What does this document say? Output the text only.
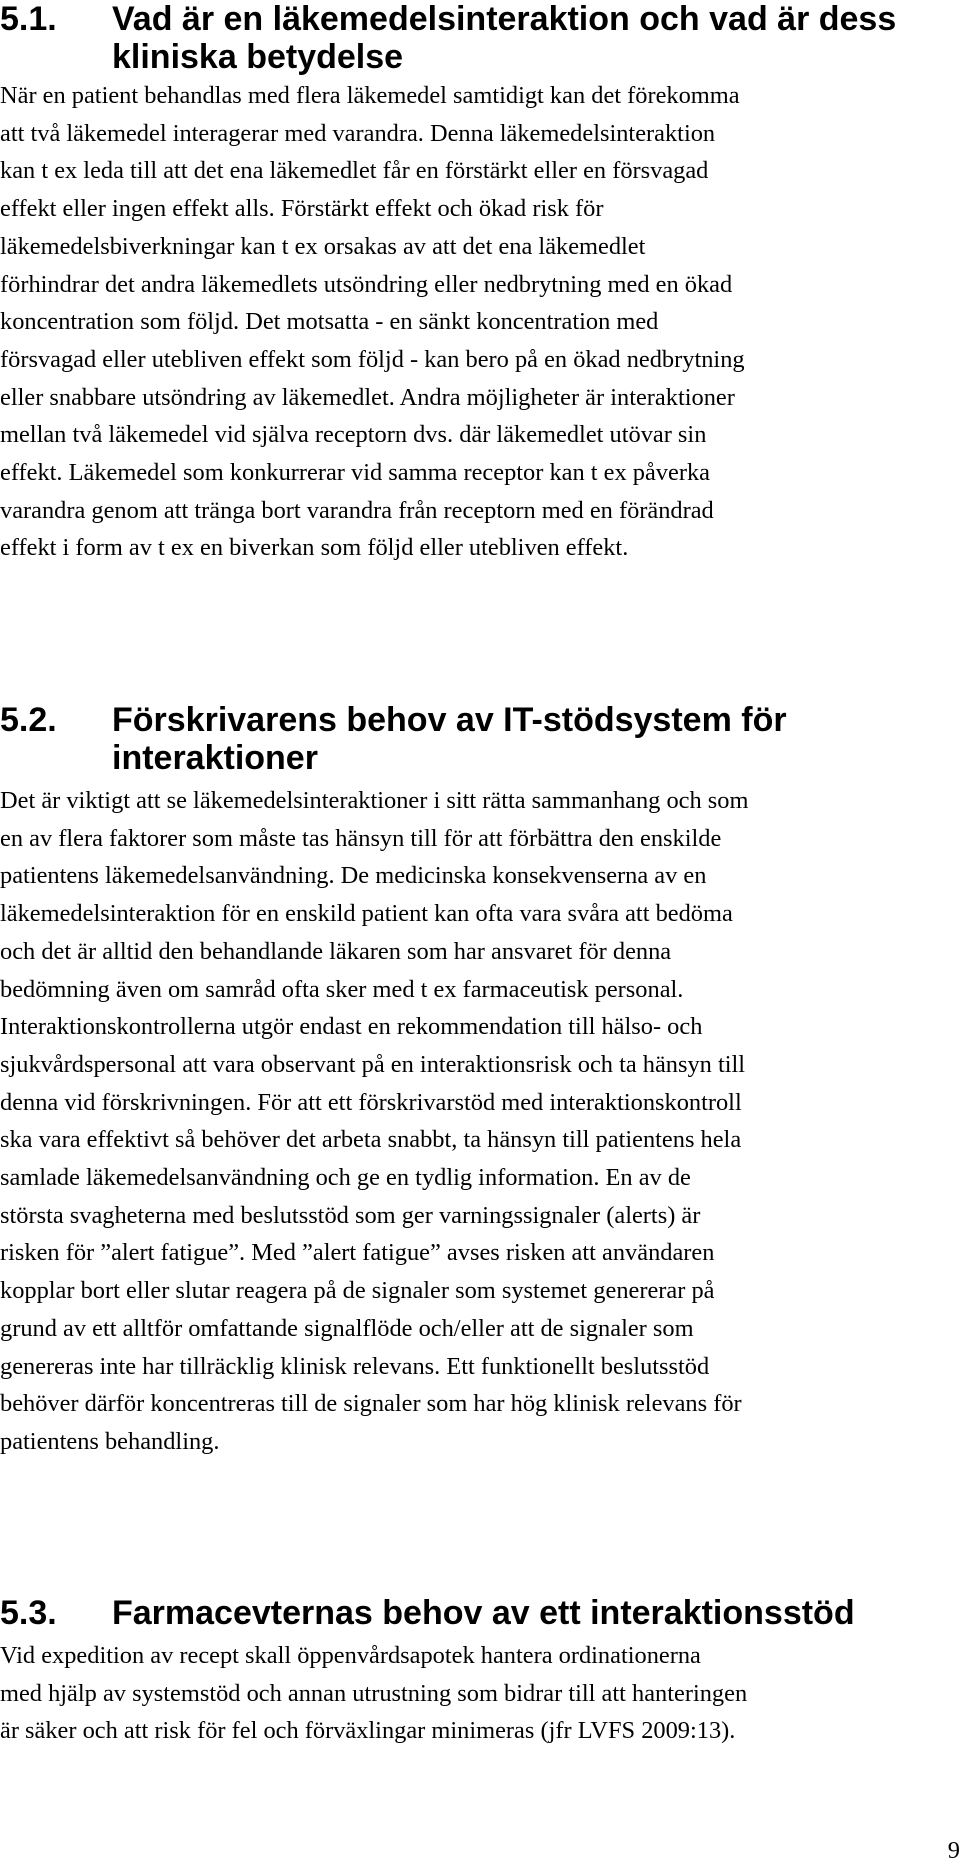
5.1. Vad är en läkemedelsinteraktion och vad är dess
kliniska betydelse

När en patient behandlas med flera läkemedel samtidigt kan det förekomma
att två läkemedel interagerar med varandra. Denna läkemedelsinteraktion
kan t ex leda till att det ena läkemedlet får en förstärkt eller en försvagad
effekt eller ingen effekt alls. Förstärkt effekt och ökad risk för
läkemedelsbiverkningar kan t ex orsakas av att det ena läkemedlet
förhindrar det andra läkemedlets utsöndring eller nedbrytning med en ökad
koncentration som följd. Det motsatta - en sänkt koncentration med
försvagad eller utebliven effekt som följd - kan bero på en ökad nedbrytning
eller snabbare utsöndring av läkemedlet. Andra möjligheter är interaktioner
mellan två läkemedel vid själva receptorn dvs. där läkemedlet utövar sin
effekt. Läkemedel som konkurrerar vid samma receptor kan t ex påverka
varandra genom att tränga bort varandra från receptorn med en förändrad
effekt i form av t ex en biverkan som följd eller utebliven effekt.

5.2. Förskrivarens behov av IT-stödsystem för
interaktioner

Det är viktigt att se läkemedelsinteraktioner i sitt rätta sammanhang och som
en av flera faktorer som måste tas hänsyn till för att förbättra den enskilde
patientens läkemedelsanvändning. De medicinska konsekvenserna av en
läkemedelsinteraktion för en enskild patient kan ofta vara svåra att bedöma
och det är alltid den behandlande läkaren som har ansvaret för denna
bedömning även om samråd ofta sker med t ex farmaceutisk personal.
Interaktionskontrollerna utgör endast en rekommendation till hälso- och
sjukvårdspersonal att vara observant på en interaktionsrisk och ta hänsyn till
denna vid förskrivningen. För att ett förskrivarstöd med interaktionskontroll
ska vara effektivt så behöver det arbeta snabbt, ta hänsyn till patientens hela
samlade läkemedelsanvändning och ge en tydlig information. En av de
största svagheterna med beslutsstöd som ger varningssignaler (alerts) är
risken för ”alert fatigue”. Med ”alert fatigue” avses risken att användaren
kopplar bort eller slutar reagera på de signaler som systemet genererar på
grund av ett alltför omfattande signalflöde och/eller att de signaler som
genereras inte har tillräcklig klinisk relevans. Ett funktionellt beslutsstöd
behöver därför koncentreras till de signaler som har hög klinisk relevans för
patientens behandling.

5.3. Farmacevternas behov av ett interaktionsstöd

Vid expedition av recept skall öppenvårdsapotek hantera ordinationerna
med hjälp av systemstöd och annan utrustning som bidrar till att hanteringen
är säker och att risk för fel och förväxlingar minimeras (jfr LVFS 2009:13).

9
